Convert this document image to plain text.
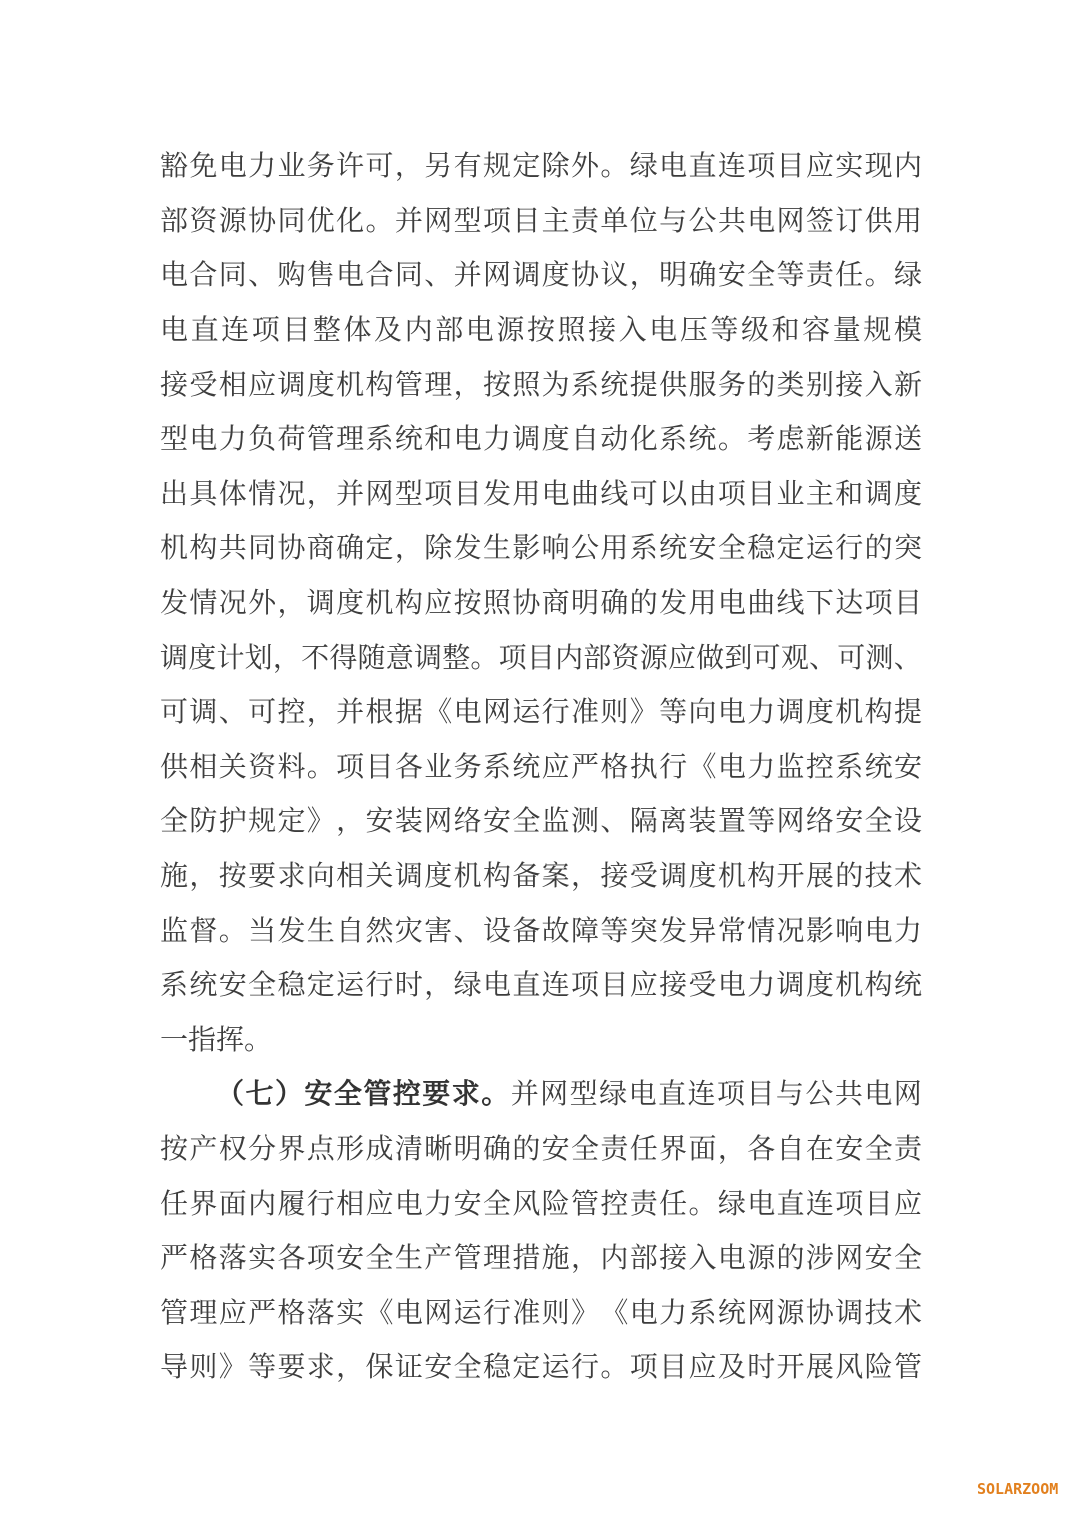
豁 免 电 力 业 务 许 可 ， 另 有 规 定 除 外 。 绿 电 直 连 项 目 应 实 现 内
部 资 源 协 同 优 化 。 并 网 型 项 目 主 责 单 位 与 公 共 电 网 签 订 供 用
电 合 同 、 购 售 电 合 同 、 并 网 调 度 协 议 ， 明 确 安 全 等 责 任 。 绿
电 直 连 项 目 整 体 及 内 部 电 源 按 照 接 入 电 压 等 级 和 容 量 规 模
接 受 相 应 调 度 机 构 管 理 ， 按 照 为 系 统 提 供 服 务 的 类 别 接 入 新
型 电 力 负 荷 管 理 系 统 和 电 力 调 度 自 动 化 系 统 。 考 虑 新 能 源 送
出 具 体 情 况 ， 并 网 型 项 目 发 用 电 曲 线 可 以 由 项 目 业 主 和 调 度
机 构 共 同 协 商 确 定 ， 除 发 生 影 响 公 用 系 统 安 全 稳 定 运 行 的 突
发 情 况 外 ， 调 度 机 构 应 按 照 协 商 明 确 的 发 用 电 曲 线 下 达 项 目
调 度 计 划 ， 不 得 随 意 调 整 。 项 目 内 部 资 源 应 做 到 可 观 、 可 测 、
可 调 、 可 控 ， 并 根 据 《 电 网 运 行 准 则 》 等 向 电 力 调 度 机 构 提
供 相 关 资 料 。 项 目 各 业 务 系 统 应 严 格 执 行 《 电 力 监 控 系 统 安
全 防 护 规 定 》 ， 安 装 网 络 安 全 监 测 、 隔 离 装 置 等 网 络 安 全 设
施 ， 按 要 求 向 相 关 调 度 机 构 备 案 ， 接 受 调 度 机 构 开 展 的 技 术
监 督 。 当 发 生 自 然 灾 害 、 设 备 故 障 等 突 发 异 常 情 况 影 响 电 力
系 统 安 全 稳 定 运 行 时 ， 绿 电 直 连 项 目 应 接 受 电 力 调 度 机 构 统
一 指 挥 。
（ 七 ） 安 全 管 控 要 求 。 并 网 型 绿 电 直 连 项 目 与 公 共 电 网
按 产 权 分 界 点 形 成 清 晰 明 确 的 安 全 责 任 界 面 ， 各 自 在 安 全 责
任 界 面 内 履 行 相 应 电 力 安 全 风 险 管 控 责 任 。 绿 电 直 连 项 目 应
严 格 落 实 各 项 安 全 生 产 管 理 措 施 ， 内 部 接 入 电 源 的 涉 网 安 全
管 理 应 严 格 落 实 《 电 网 运 行 准 则 》 《 电 力 系 统 网 源 协 调 技 术
导 则 》 等 要 求 ， 保 证 安 全 稳 定 运 行 。 项 目 应 及 时 开 展 风 险 管
SOLARZOOM
